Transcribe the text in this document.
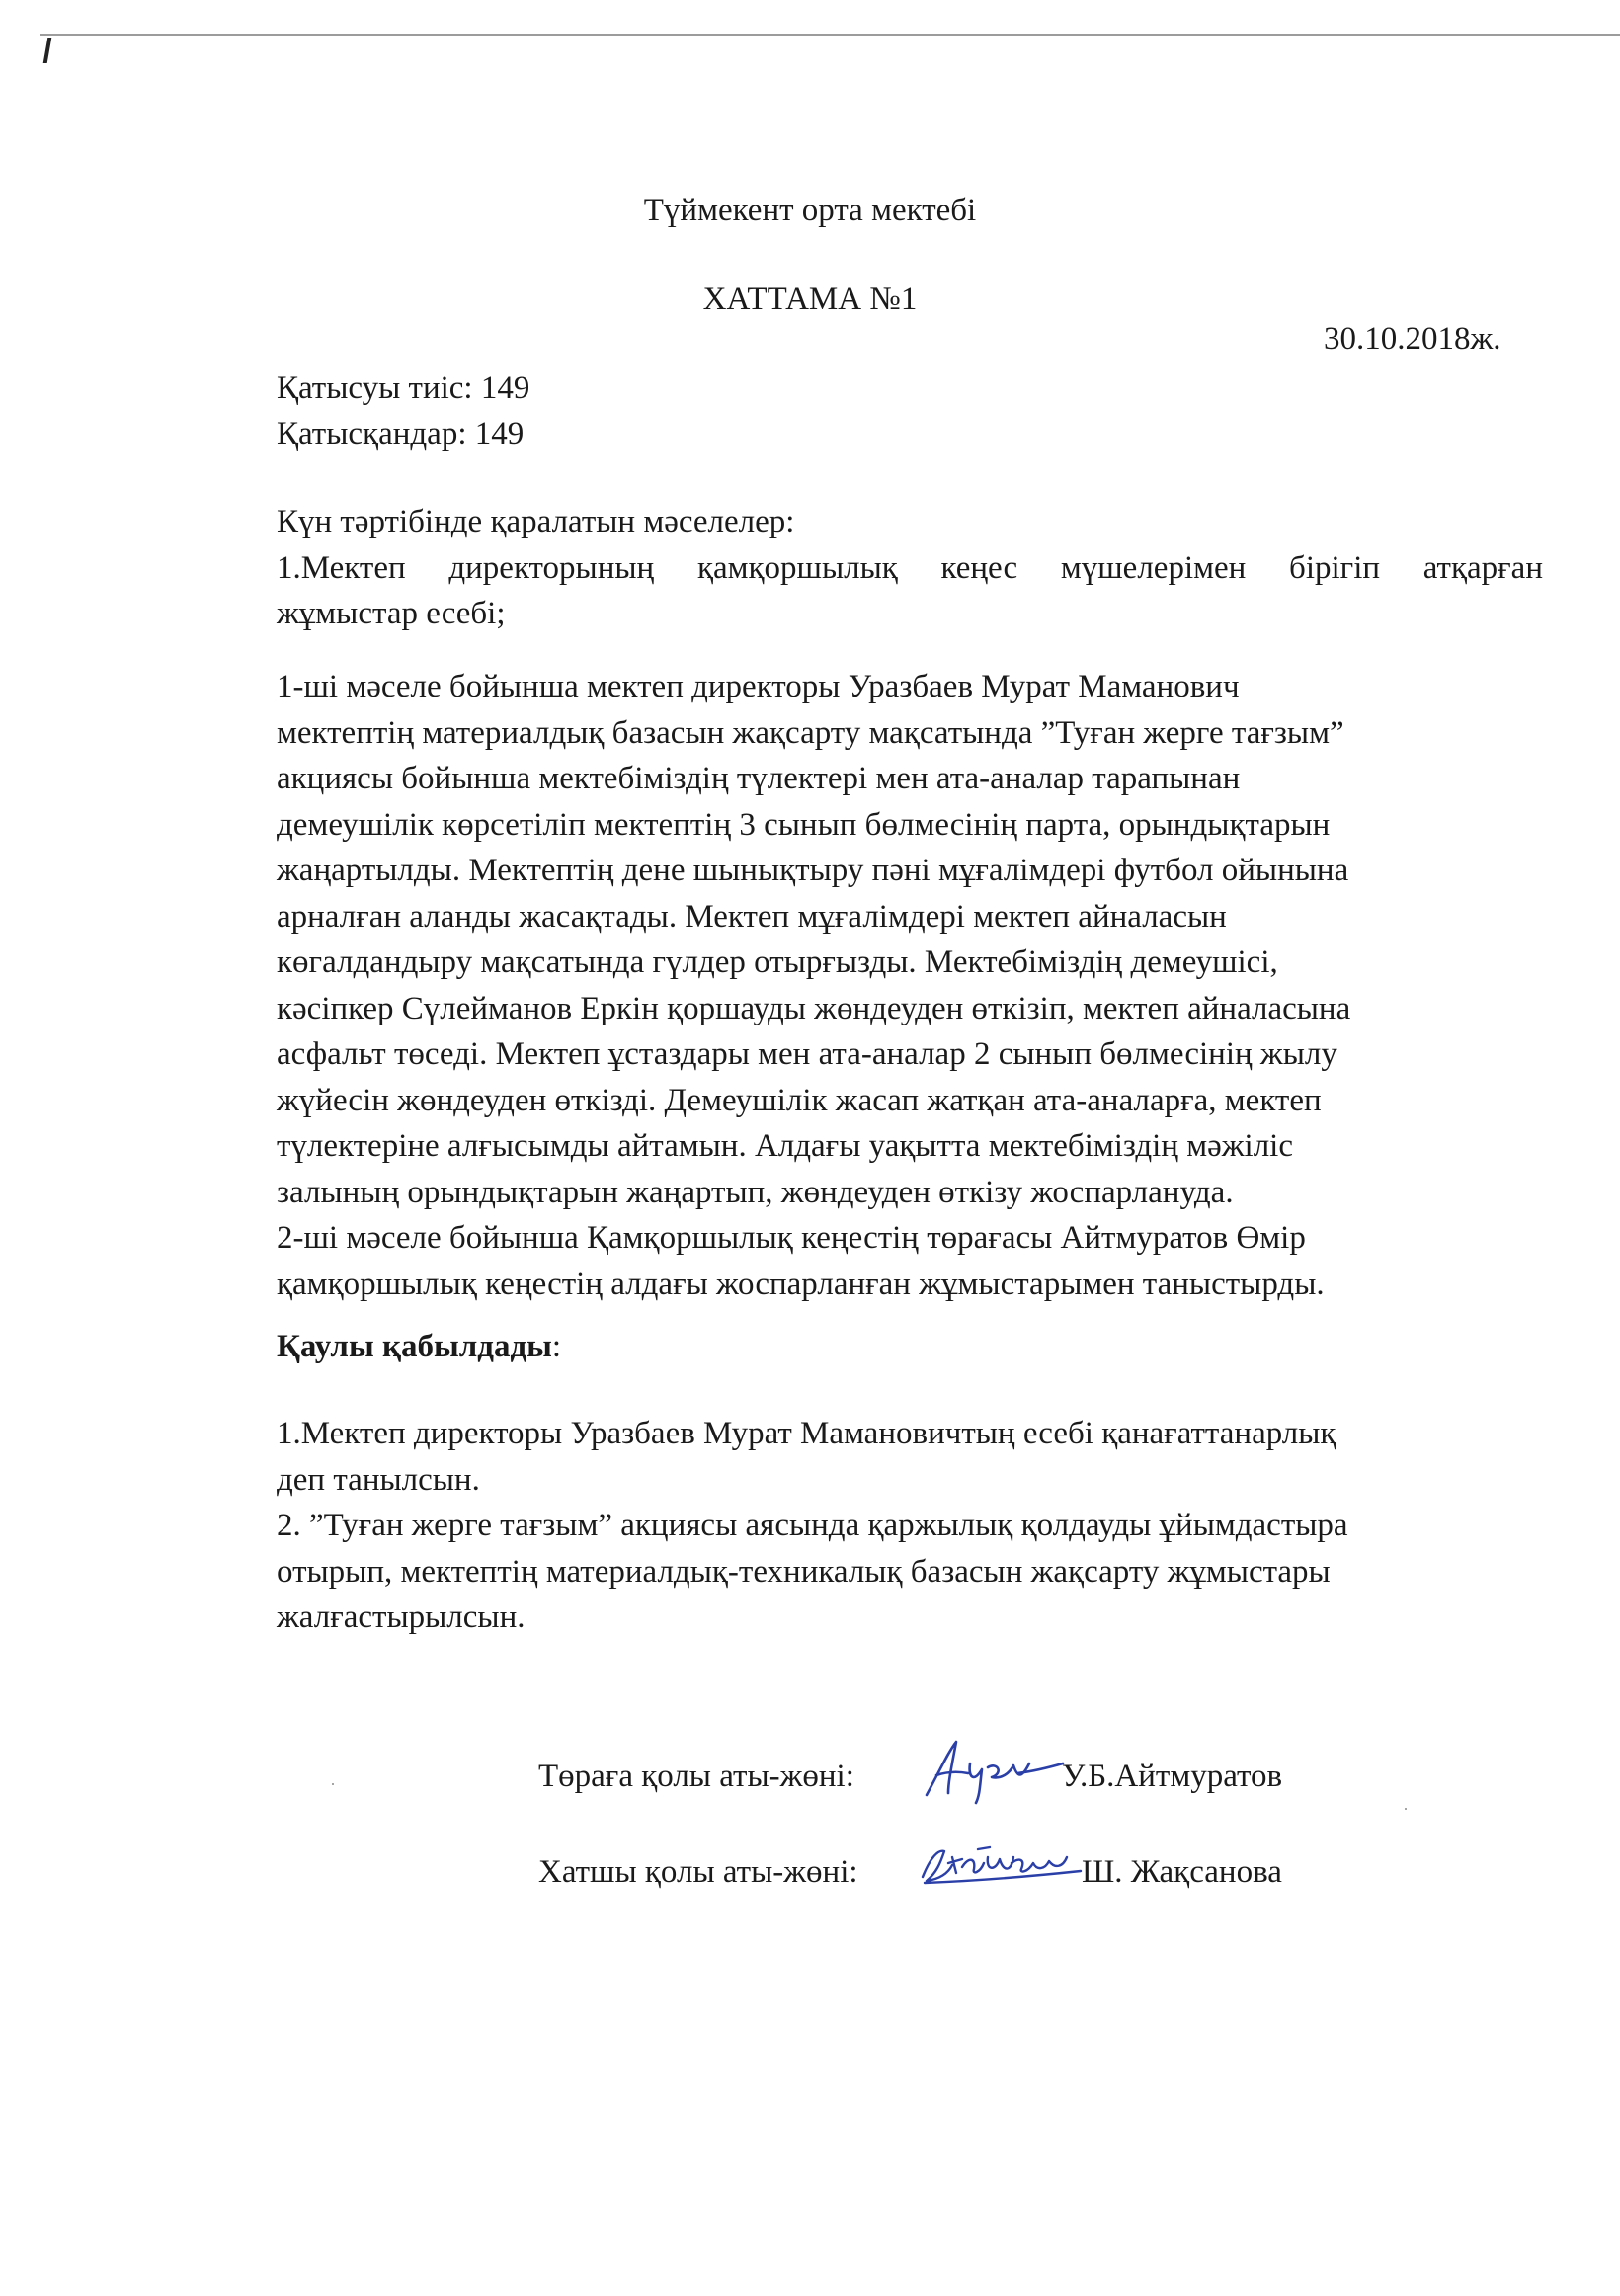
Түймекент орта мектебі
ХАТТАМА №1
30.10.2018ж.
Қатысуы тиіс: 149
Қатысқандар: 149
Күн тәртібінде қаралатын мәселелер:
1.Мектеп директорының қамқоршылық кеңес мүшелерімен бірігіп атқарған
жұмыстар есебі;
1-ші мәселе бойынша мектеп директоры Уразбаев Мурат Маманович
мектептің материалдық базасын жақсарту мақсатында ”Туған жерге тағзым”
акциясы бойынша мектебіміздің түлектері мен ата-аналар тарапынан
демеушілік көрсетіліп мектептің 3 сынып бөлмесінің парта, орындықтарын
жаңартылды. Мектептің дене шынықтыру пәні мұғалімдері футбол ойынына
арналған аланды жасақтады. Мектеп мұғалімдері мектеп айналасын
көгалдандыру мақсатында гүлдер отырғызды. Мектебіміздің демеушісі,
кәсіпкер Сүлейманов Еркін қоршауды жөндеуден өткізіп, мектеп айналасына
асфальт төседі. Мектеп ұстаздары мен ата-аналар 2 сынып бөлмесінің жылу
жүйесін жөндеуден өткізді. Демеушілік жасап жатқан ата-аналарға, мектеп
түлектеріне алғысымды айтамын. Алдағы уақытта мектебіміздің мәжіліс
залының орындықтарын жаңартып, жөндеуден өткізу жоспарлануда.
2-ші мәселе бойынша Қамқоршылық кеңестің төрағасы Айтмуратов Өмір
қамқоршылық кеңестің алдағы жоспарланған жұмыстарымен таныстырды.
Қаулы қабылдады:
1.Мектеп директоры Уразбаев Мурат Мамановичтың есебі қанағаттанарлық
деп танылсын.
2. ”Туған жерге тағзым” акциясы аясында қаржылық қолдауды ұйымдастыра
отырып, мектептің материалдық-техникалық базасын жақсарту жұмыстары
жалғастырылсын.
Төрағa қолы аты-жөні:	У.Б.Айтмуратов
Хатшы қолы аты-жөні:	Ш. Жақсанова
